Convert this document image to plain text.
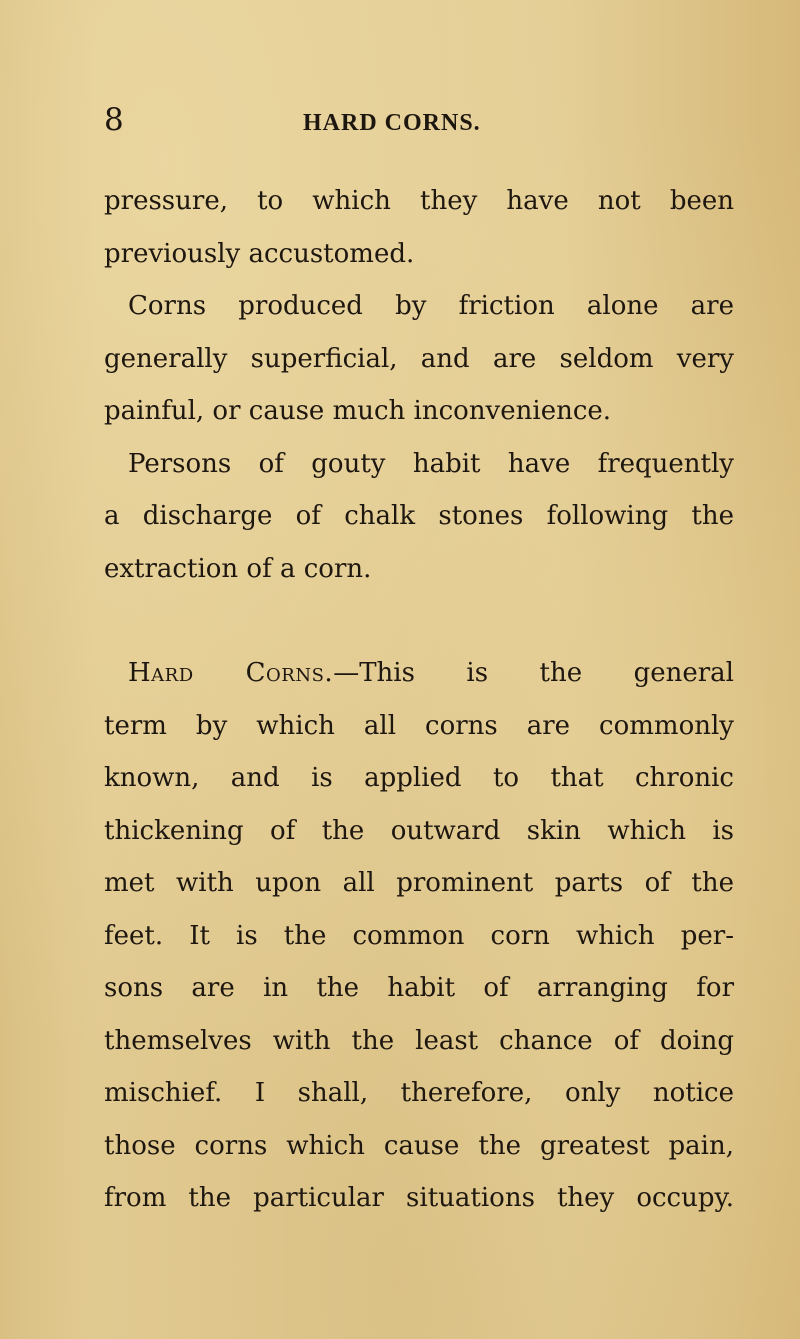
8	HARD CORNS.
pressure, to which they have not been
previously accustomed.
Corns produced by friction alone are
generally superficial, and are seldom very
painful, or cause much inconvenience.
Persons of gouty habit have frequently
a discharge of chalk stones following the
extraction of a corn.
Hard Corns.—This is the general
term by which all corns are commonly
known, and is applied to that chronic
thickening of the outward skin which is
met with upon all prominent parts of the
feet. It is the common corn which per-
sons are in the habit of arranging for
themselves with the least chance of doing
mischief. I shall, therefore, only notice
those corns which cause the greatest pain,
from the particular situations they occupy.
